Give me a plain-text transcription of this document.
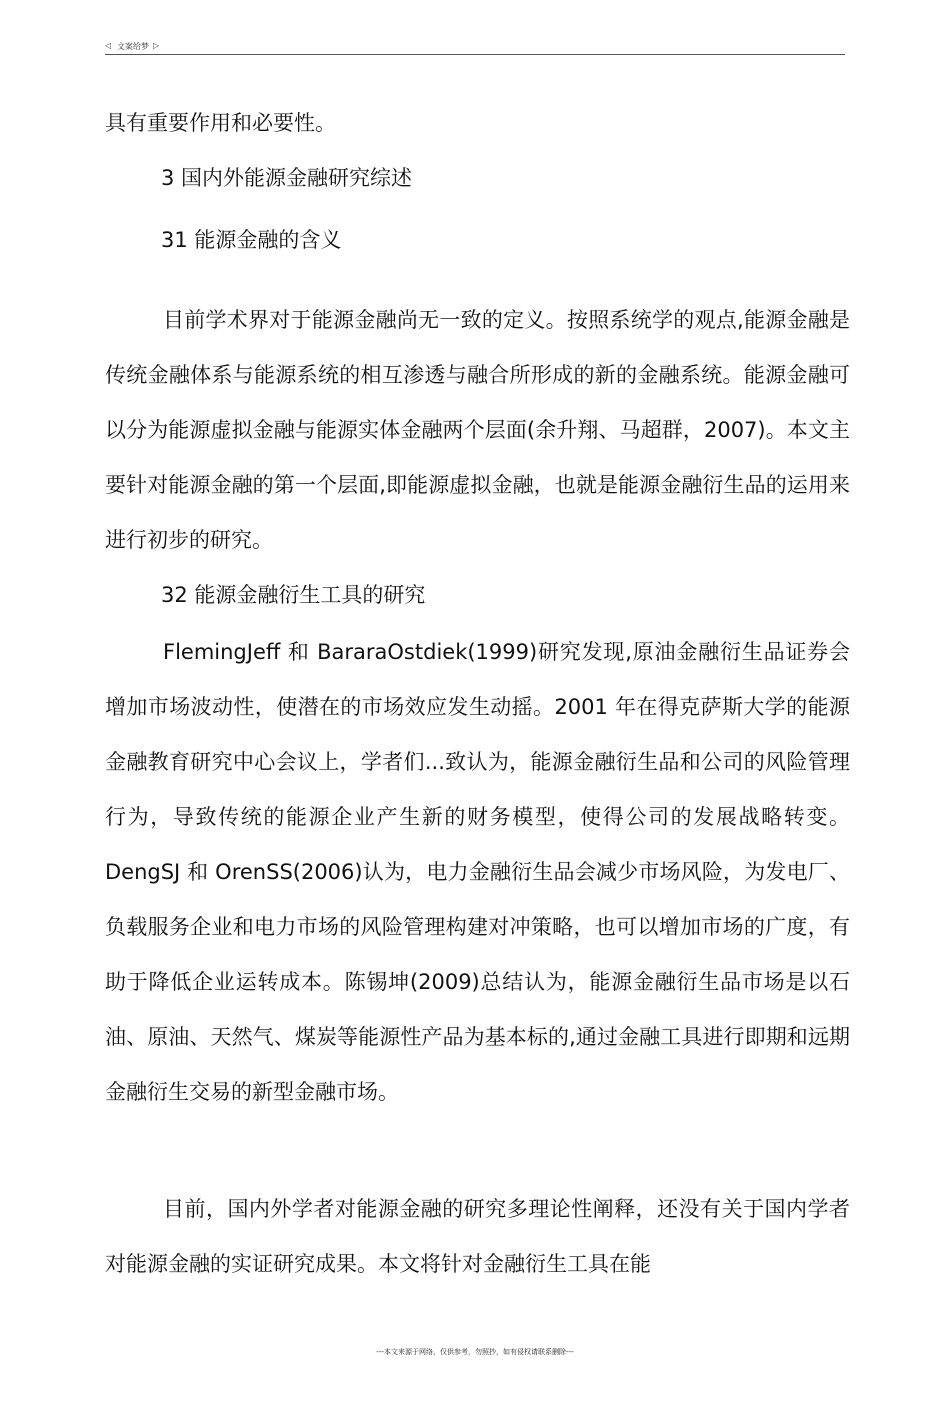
◁ 文案给梦 ▷
具有重要作用和必要性。
3 国内外能源金融研究综述
31 能源金融的含义
目前学术界对于能源金融尚无一致的定义。按照系统学的观点,能源金融是传统金融体系与能源系统的相互渗透与融合所形成的新的金融系统。能源金融可以分为能源虚拟金融与能源实体金融两个层面(余升翔、马超群，2007)。本文主要针对能源金融的第一个层面,即能源虚拟金融，也就是能源金融衍生品的运用来进行初步的研究。
32 能源金融衍生工具的研究
FlemingJeff 和 BararaOstdiek(1999)研究发现,原油金融衍生品证券会增加市场波动性，使潜在的市场效应发生动摇。2001 年在得克萨斯大学的能源金融教育研究中心会议上，学者们...致认为，能源金融衍生品和公司的风险管理行为，导致传统的能源企业产生新的财务模型，使得公司的发展战略转变。DengSJ 和 OrenSS(2006)认为，电力金融衍生品会减少市场风险，为发电厂、负载服务企业和电力市场的风险管理构建对冲策略，也可以增加市场的广度，有助于降低企业运转成本。陈锡坤(2009)总结认为，能源金融衍生品市场是以石油、原油、天然气、煤炭等能源性产品为基本标的,通过金融工具进行即期和远期金融衍生交易的新型金融市场。
目前，国内外学者对能源金融的研究多理论性阐释，还没有关于国内学者对能源金融的实证研究成果。本文将针对金融衍生工具在能
---本文来源于网络，仅供参考，勿照抄，如有侵权请联系删除---
